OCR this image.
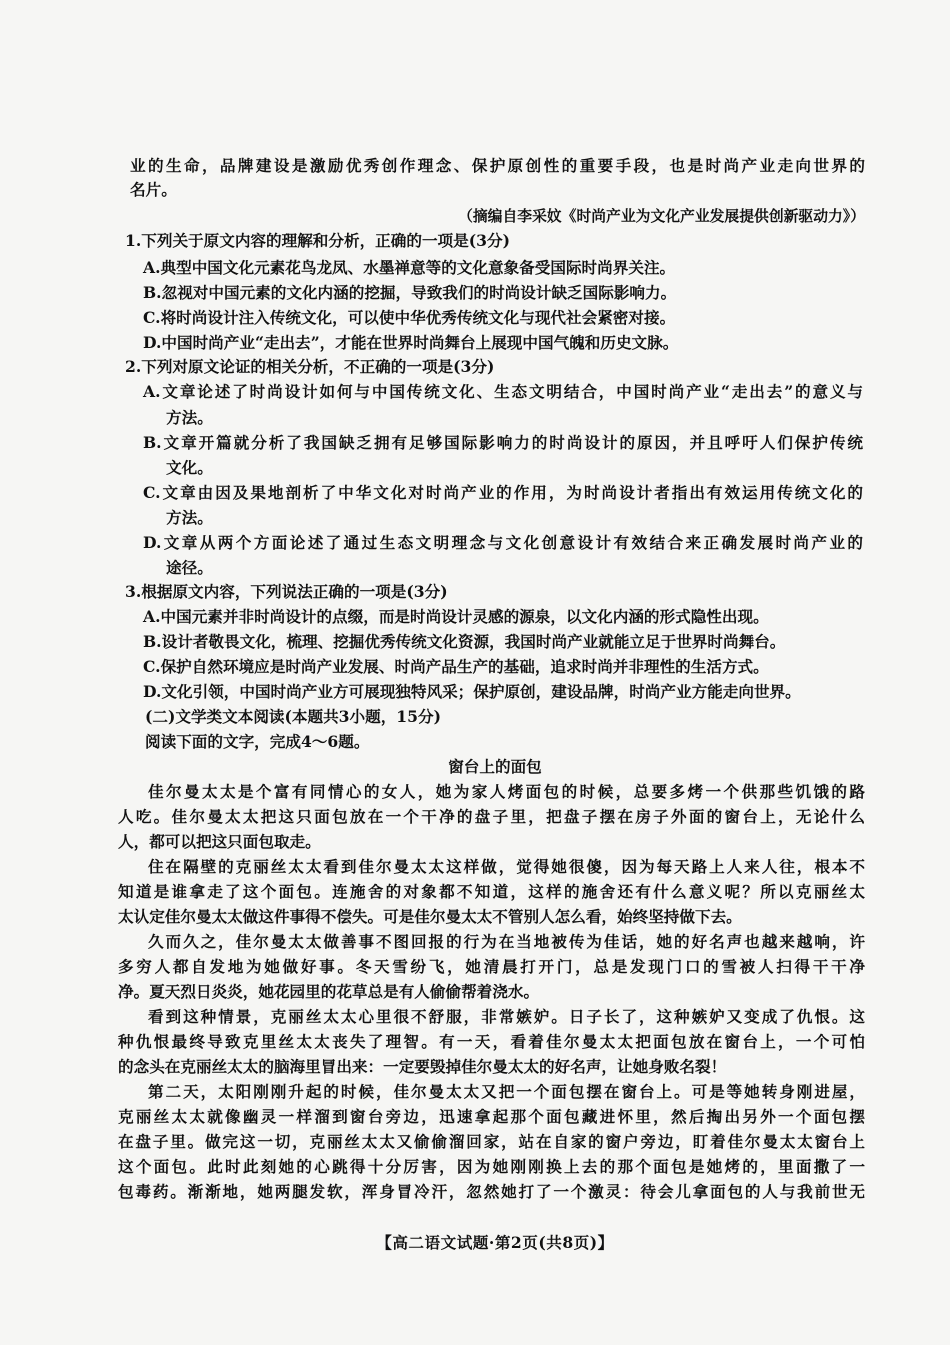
业的生命，品牌建设是激励优秀创作理念、保护原创性的重要手段，也是时尚产业走向世界的
名片。
（摘编自李采妏《时尚产业为文化产业发展提供创新驱动力》）
1.下列关于原文内容的理解和分析，正确的一项是(3分)
A.典型中国文化元素花鸟龙凤、水墨禅意等的文化意象备受国际时尚界关注。
B.忽视对中国元素的文化内涵的挖掘，导致我们的时尚设计缺乏国际影响力。
C.将时尚设计注入传统文化，可以使中华优秀传统文化与现代社会紧密对接。
D.中国时尚产业“走出去”，才能在世界时尚舞台上展现中国气魄和历史文脉。
2.下列对原文论证的相关分析，不正确的一项是(3分)
A.文章论述了时尚设计如何与中国传统文化、生态文明结合，中国时尚产业“走出去”的意义与
方法。
B.文章开篇就分析了我国缺乏拥有足够国际影响力的时尚设计的原因，并且呼吁人们保护传统
文化。
C.文章由因及果地剖析了中华文化对时尚产业的作用，为时尚设计者指出有效运用传统文化的
方法。
D.文章从两个方面论述了通过生态文明理念与文化创意设计有效结合来正确发展时尚产业的
途径。
3.根据原文内容，下列说法正确的一项是(3分)
A.中国元素并非时尚设计的点缀，而是时尚设计灵感的源泉，以文化内涵的形式隐性出现。
B.设计者敬畏文化，梳理、挖掘优秀传统文化资源，我国时尚产业就能立足于世界时尚舞台。
C.保护自然环境应是时尚产业发展、时尚产品生产的基础，追求时尚并非理性的生活方式。
D.文化引领，中国时尚产业方可展现独特风采；保护原创，建设品牌，时尚产业方能走向世界。
(二)文学类文本阅读(本题共3小题，15分)
阅读下面的文字，完成4～6题。
窗台上的面包
佳尔曼太太是个富有同情心的女人，她为家人烤面包的时候，总要多烤一个供那些饥饿的路
人吃。佳尔曼太太把这只面包放在一个干净的盘子里，把盘子摆在房子外面的窗台上，无论什么
人，都可以把这只面包取走。
住在隔壁的克丽丝太太看到佳尔曼太太这样做，觉得她很傻，因为每天路上人来人往，根本不
知道是谁拿走了这个面包。连施舍的对象都不知道，这样的施舍还有什么意义呢？所以克丽丝太
太认定佳尔曼太太做这件事得不偿失。可是佳尔曼太太不管别人怎么看，始终坚持做下去。
久而久之，佳尔曼太太做善事不图回报的行为在当地被传为佳话，她的好名声也越来越响，许
多穷人都自发地为她做好事。冬天雪纷飞，她清晨打开门，总是发现门口的雪被人扫得干干净
净。夏天烈日炎炎，她花园里的花草总是有人偷偷帮着浇水。
看到这种情景，克丽丝太太心里很不舒服，非常嫉妒。日子长了，这种嫉妒又变成了仇恨。这
种仇恨最终导致克里丝太太丧失了理智。有一天，看着佳尔曼太太把面包放在窗台上，一个可怕
的念头在克丽丝太太的脑海里冒出来：一定要毁掉佳尔曼太太的好名声，让她身败名裂！
第二天，太阳刚刚升起的时候，佳尔曼太太又把一个面包摆在窗台上。可是等她转身刚进屋，
克丽丝太太就像幽灵一样溜到窗台旁边，迅速拿起那个面包藏进怀里，然后掏出另外一个面包摆
在盘子里。做完这一切，克丽丝太太又偷偷溜回家，站在自家的窗户旁边，盯着佳尔曼太太窗台上
这个面包。此时此刻她的心跳得十分厉害，因为她刚刚换上去的那个面包是她烤的，里面撒了一
包毒药。渐渐地，她两腿发软，浑身冒冷汗，忽然她打了一个激灵：待会儿拿面包的人与我前世无
【高二语文试题·第2页(共8页)】
